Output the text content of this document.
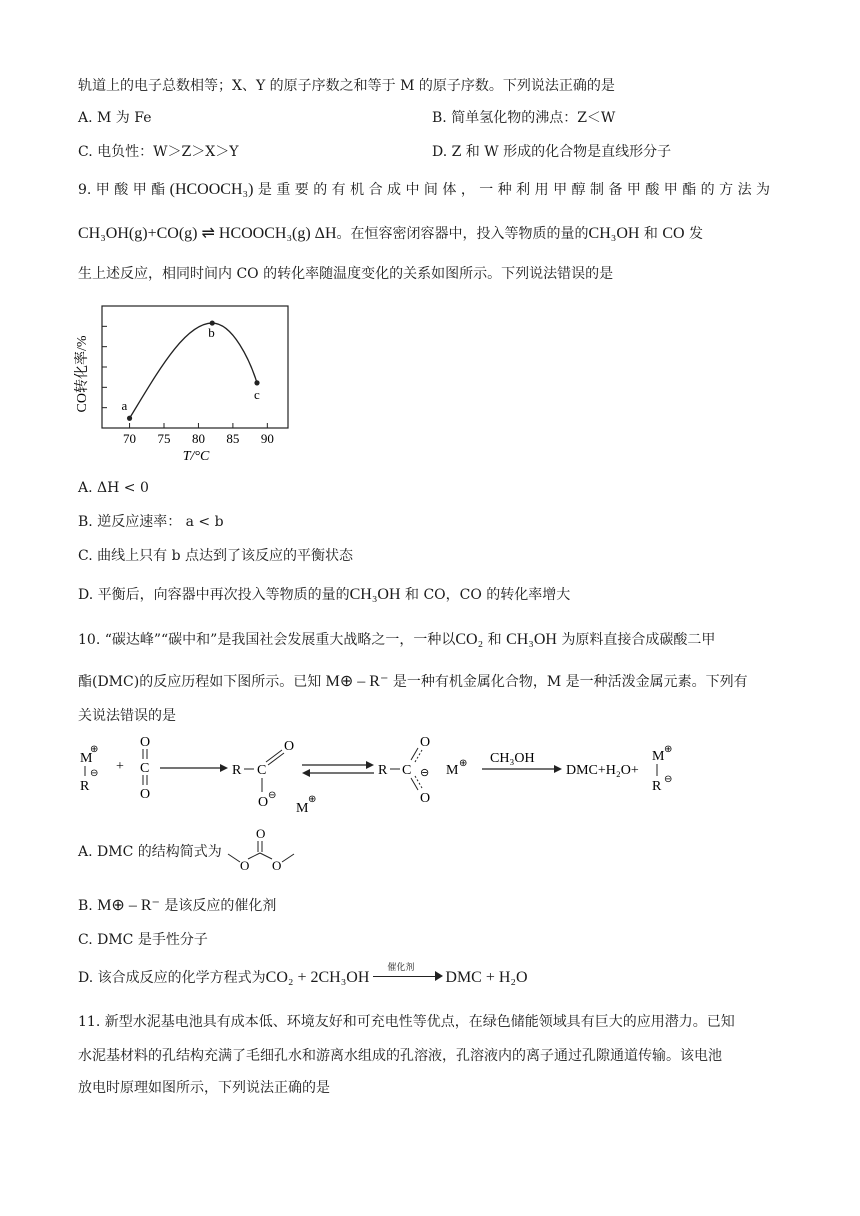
轨道上的电子总数相等；X、Y 的原子序数之和等于 M 的原子序数。下列说法正确的是
A. M 为 Fe	B. 简单氢化物的沸点：Z＜W
C. 电负性：W＞Z＞X＞Y	D. Z 和 W 形成的化合物是直线形分子
9. 甲 酸 甲 酯 (HCOOCH₃) 是 重 要 的 有 机 合 成 中 间 体 ， 一 种 利 用 甲 醇 制 备 甲 酸 甲 酯 的 方 法 为
CH₃OH(g)+CO(g) ⇌ HCOOCH₃(g) ΔH。在恒容密闭容器中，投入等物质的量的CH₃OH 和 CO 发
生上述反应，相同时间内 CO 的转化率随温度变化的关系如图所示。下列说法错误的是
70 75 80 85 90
a
b
c
CO转化率/%
T/°C
A. ΔH < 0
B. 逆反应速率： a < b
C. 曲线上只有 b 点达到了该反应的平衡状态
D. 平衡后，向容器中再次投入等物质的量的CH₃OH 和 CO，CO 的转化率增大
10. “碳达峰”“碳中和”是我国社会发展重大战略之一，一种以CO₂ 和 CH₃OH 为原料直接合成碳酸二甲
酯(DMC)的反应历程如下图所示。已知 M⊕ – R⁻ 是一种有机金属化合物，M 是一种活泼金属元素。下列有
关说法错误的是
M
⊕
R
⊖ +
O
C
O
R C
O
O ⊖
M
⊕
R C
O
O
⊖ M ⊕ CH₃OH
DMC+H₂O+
M ⊕
R ⊖
A. DMC 的结构简式为
O
O O
B. M⊕ – R⁻ 是该反应的催化剂
C. DMC 是手性分子
D. 该合成反应的化学方程式为CO₂ + 2CH₃OH
催化剂
DMC + H₂O
11. 新型水泥基电池具有成本低、环境友好和可充电性等优点，在绿色储能领域具有巨大的应用潜力。已知
水泥基材料的孔结构充满了毛细孔水和游离水组成的孔溶液，孔溶液内的离子通过孔隙通道传输。该电池
放电时原理如图所示，下列说法正确的是
